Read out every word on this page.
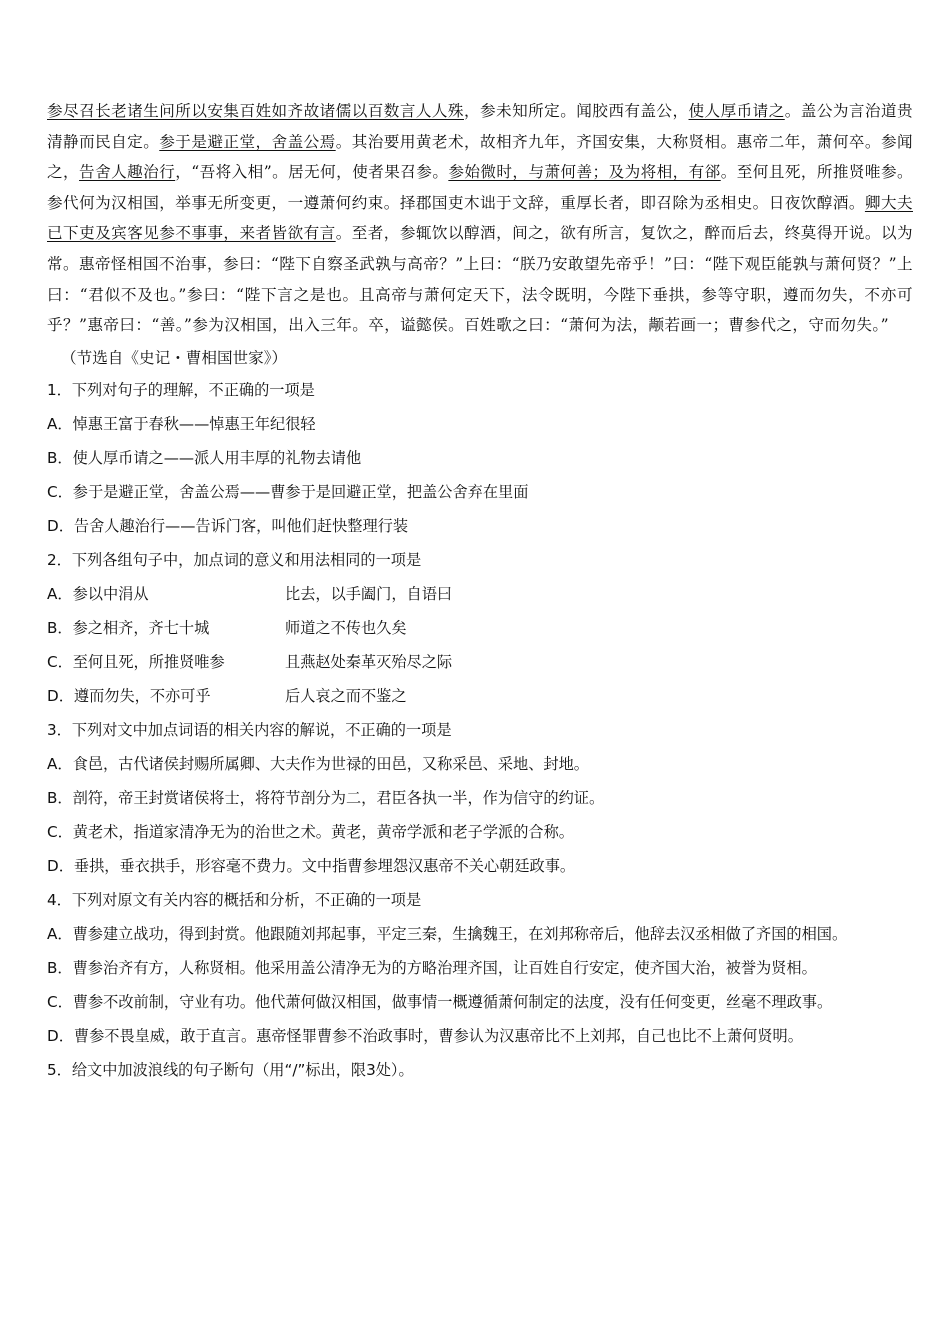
参尽召长老诸生问所以安集百姓如齐故诸儒以百数言人人殊，参未知所定。闻胶西有盖公，使人厚币请之。盖公为言治道贵清静而民自定。参于是避正堂，舍盖公焉。其治要用黄老术，故相齐九年，齐国安集，大称贤相。惠帝二年，萧何卒。参闻之，告舍人趣治行，“吾将入相”。居无何，使者果召参。参始微时，与萧何善；及为将相，有郤。至何且死，所推贤唯参。参代何为汉相国，举事无所变更，一遵萧何约束。择郡国吏木诎于文辞，重厚长者，即召除为丞相史。日夜饮醇酒。卿大夫已下吏及宾客见参不事事，来者皆欲有言。至者，参辄饮以醇酒，间之，欲有所言，复饮之，醉而后去，终莫得开说。以为常。惠帝怪相国不治事，参曰：“陛下自察圣武孰与高帝？”上曰：“朕乃安敢望先帝乎！”曰：“陛下观臣能孰与萧何贤？”上曰：“君似不及也。”参曰：“陛下言之是也。且高帝与萧何定天下，法令既明，今陛下垂拱，参等守职，遵而勿失，不亦可乎？”惠帝曰：“善。”参为汉相国，出入三年。卒，谥懿侯。百姓歌之曰：“萧何为法，颟若画一；曹参代之，守而勿失。”

（节选自《史记・曹相国世家》）
1．下列对句子的理解，不正确的一项是
A．悼惠王富于春秋——悼惠王年纪很轻
B．使人厚币请之——派人用丰厚的礼物去请他
C．参于是避正堂，舍盖公焉——曹参于是回避正堂，把盖公舍弃在里面
D．告舍人趣治行——告诉门客，叫他们赶快整理行装
2．下列各组句子中，加点词的意义和用法相同的一项是
A．参以中涓从	比去，以手阖门，自语曰
B．参之相齐，齐七十城	师道之不传也久矣
C．至何且死，所推贤唯参	且燕赵处秦革灭殆尽之际
D．遵而勿失，不亦可乎	后人哀之而不鉴之
3．下列对文中加点词语的相关内容的解说，不正确的一项是
A．食邑，古代诸侯封赐所属卿、大夫作为世禄的田邑，又称采邑、采地、封地。
B．剖符，帝王封赏诸侯将士，将符节剖分为二，君臣各执一半，作为信守的约证。
C．黄老术，指道家清净无为的治世之术。黄老，黄帝学派和老子学派的合称。
D．垂拱，垂衣拱手，形容毫不费力。文中指曹参埋怨汉惠帝不关心朝廷政事。
4．下列对原文有关内容的概括和分析，不正确的一项是
A．曹参建立战功，得到封赏。他跟随刘邦起事，平定三秦，生擒魏王，在刘邦称帝后，他辞去汉丞相做了齐国的相国。
B．曹参治齐有方，人称贤相。他采用盖公清净无为的方略治理齐国，让百姓自行安定，使齐国大治，被誉为贤相。
C．曹参不改前制，守业有功。他代萧何做汉相国，做事情一概遵循萧何制定的法度，没有任何变更，丝毫不理政事。
D．曹参不畏皇威，敢于直言。惠帝怪罪曹参不治政事时，曹参认为汉惠帝比不上刘邦，自己也比不上萧何贤明。
5．给文中加波浪线的句子断句（用“/”标出，限3处）。
